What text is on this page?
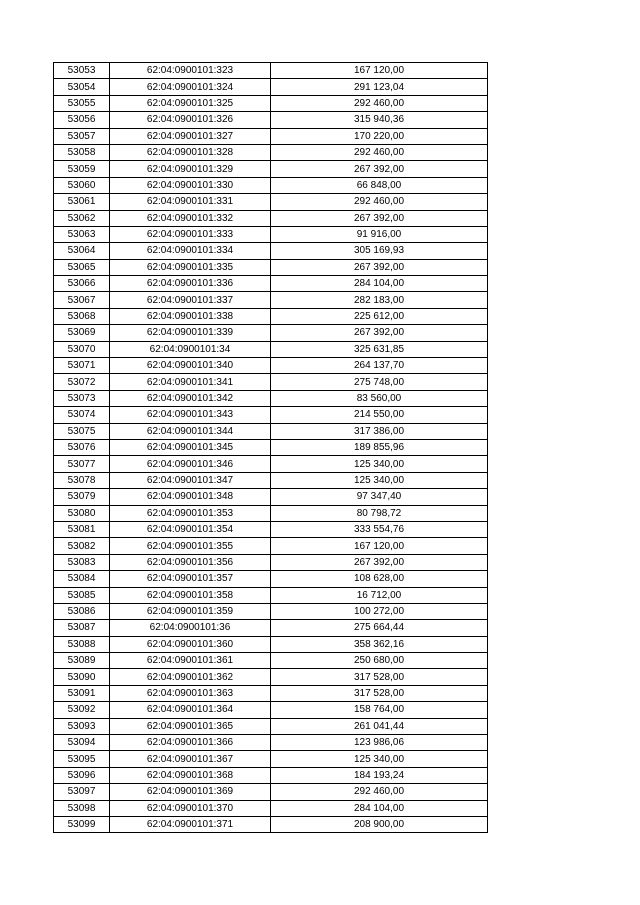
53053	62:04:0900101:323	167 120,00
53054	62:04:0900101:324	291 123,04
53055	62:04:0900101:325	292 460,00
53056	62:04:0900101:326	315 940,36
53057	62:04:0900101:327	170 220,00
53058	62:04:0900101:328	292 460,00
53059	62:04:0900101:329	267 392,00
53060	62:04:0900101:330	66 848,00
53061	62:04:0900101:331	292 460,00
53062	62:04:0900101:332	267 392,00
53063	62:04:0900101:333	91 916,00
53064	62:04:0900101:334	305 169,93
53065	62:04:0900101:335	267 392,00
53066	62:04:0900101:336	284 104,00
53067	62:04:0900101:337	282 183,00
53068	62:04:0900101:338	225 612,00
53069	62:04:0900101:339	267 392,00
53070	62:04:0900101:34	325 631,85
53071	62:04:0900101:340	264 137,70
53072	62:04:0900101:341	275 748,00
53073	62:04:0900101:342	83 560,00
53074	62:04:0900101:343	214 550,00
53075	62:04:0900101:344	317 386,00
53076	62:04:0900101:345	189 855,96
53077	62:04:0900101:346	125 340,00
53078	62:04:0900101:347	125 340,00
53079	62:04:0900101:348	97 347,40
53080	62:04:0900101:353	80 798,72
53081	62:04:0900101:354	333 554,76
53082	62:04:0900101:355	167 120,00
53083	62:04:0900101:356	267 392,00
53084	62:04:0900101:357	108 628,00
53085	62:04:0900101:358	16 712,00
53086	62:04:0900101:359	100 272,00
53087	62:04:0900101:36	275 664,44
53088	62:04:0900101:360	358 362,16
53089	62:04:0900101:361	250 680,00
53090	62:04:0900101:362	317 528,00
53091	62:04:0900101:363	317 528,00
53092	62:04:0900101:364	158 764,00
53093	62:04:0900101:365	261 041,44
53094	62:04:0900101:366	123 986,06
53095	62:04:0900101:367	125 340,00
53096	62:04:0900101:368	184 193,24
53097	62:04:0900101:369	292 460,00
53098	62:04:0900101:370	284 104,00
53099	62:04:0900101:371	208 900,00
